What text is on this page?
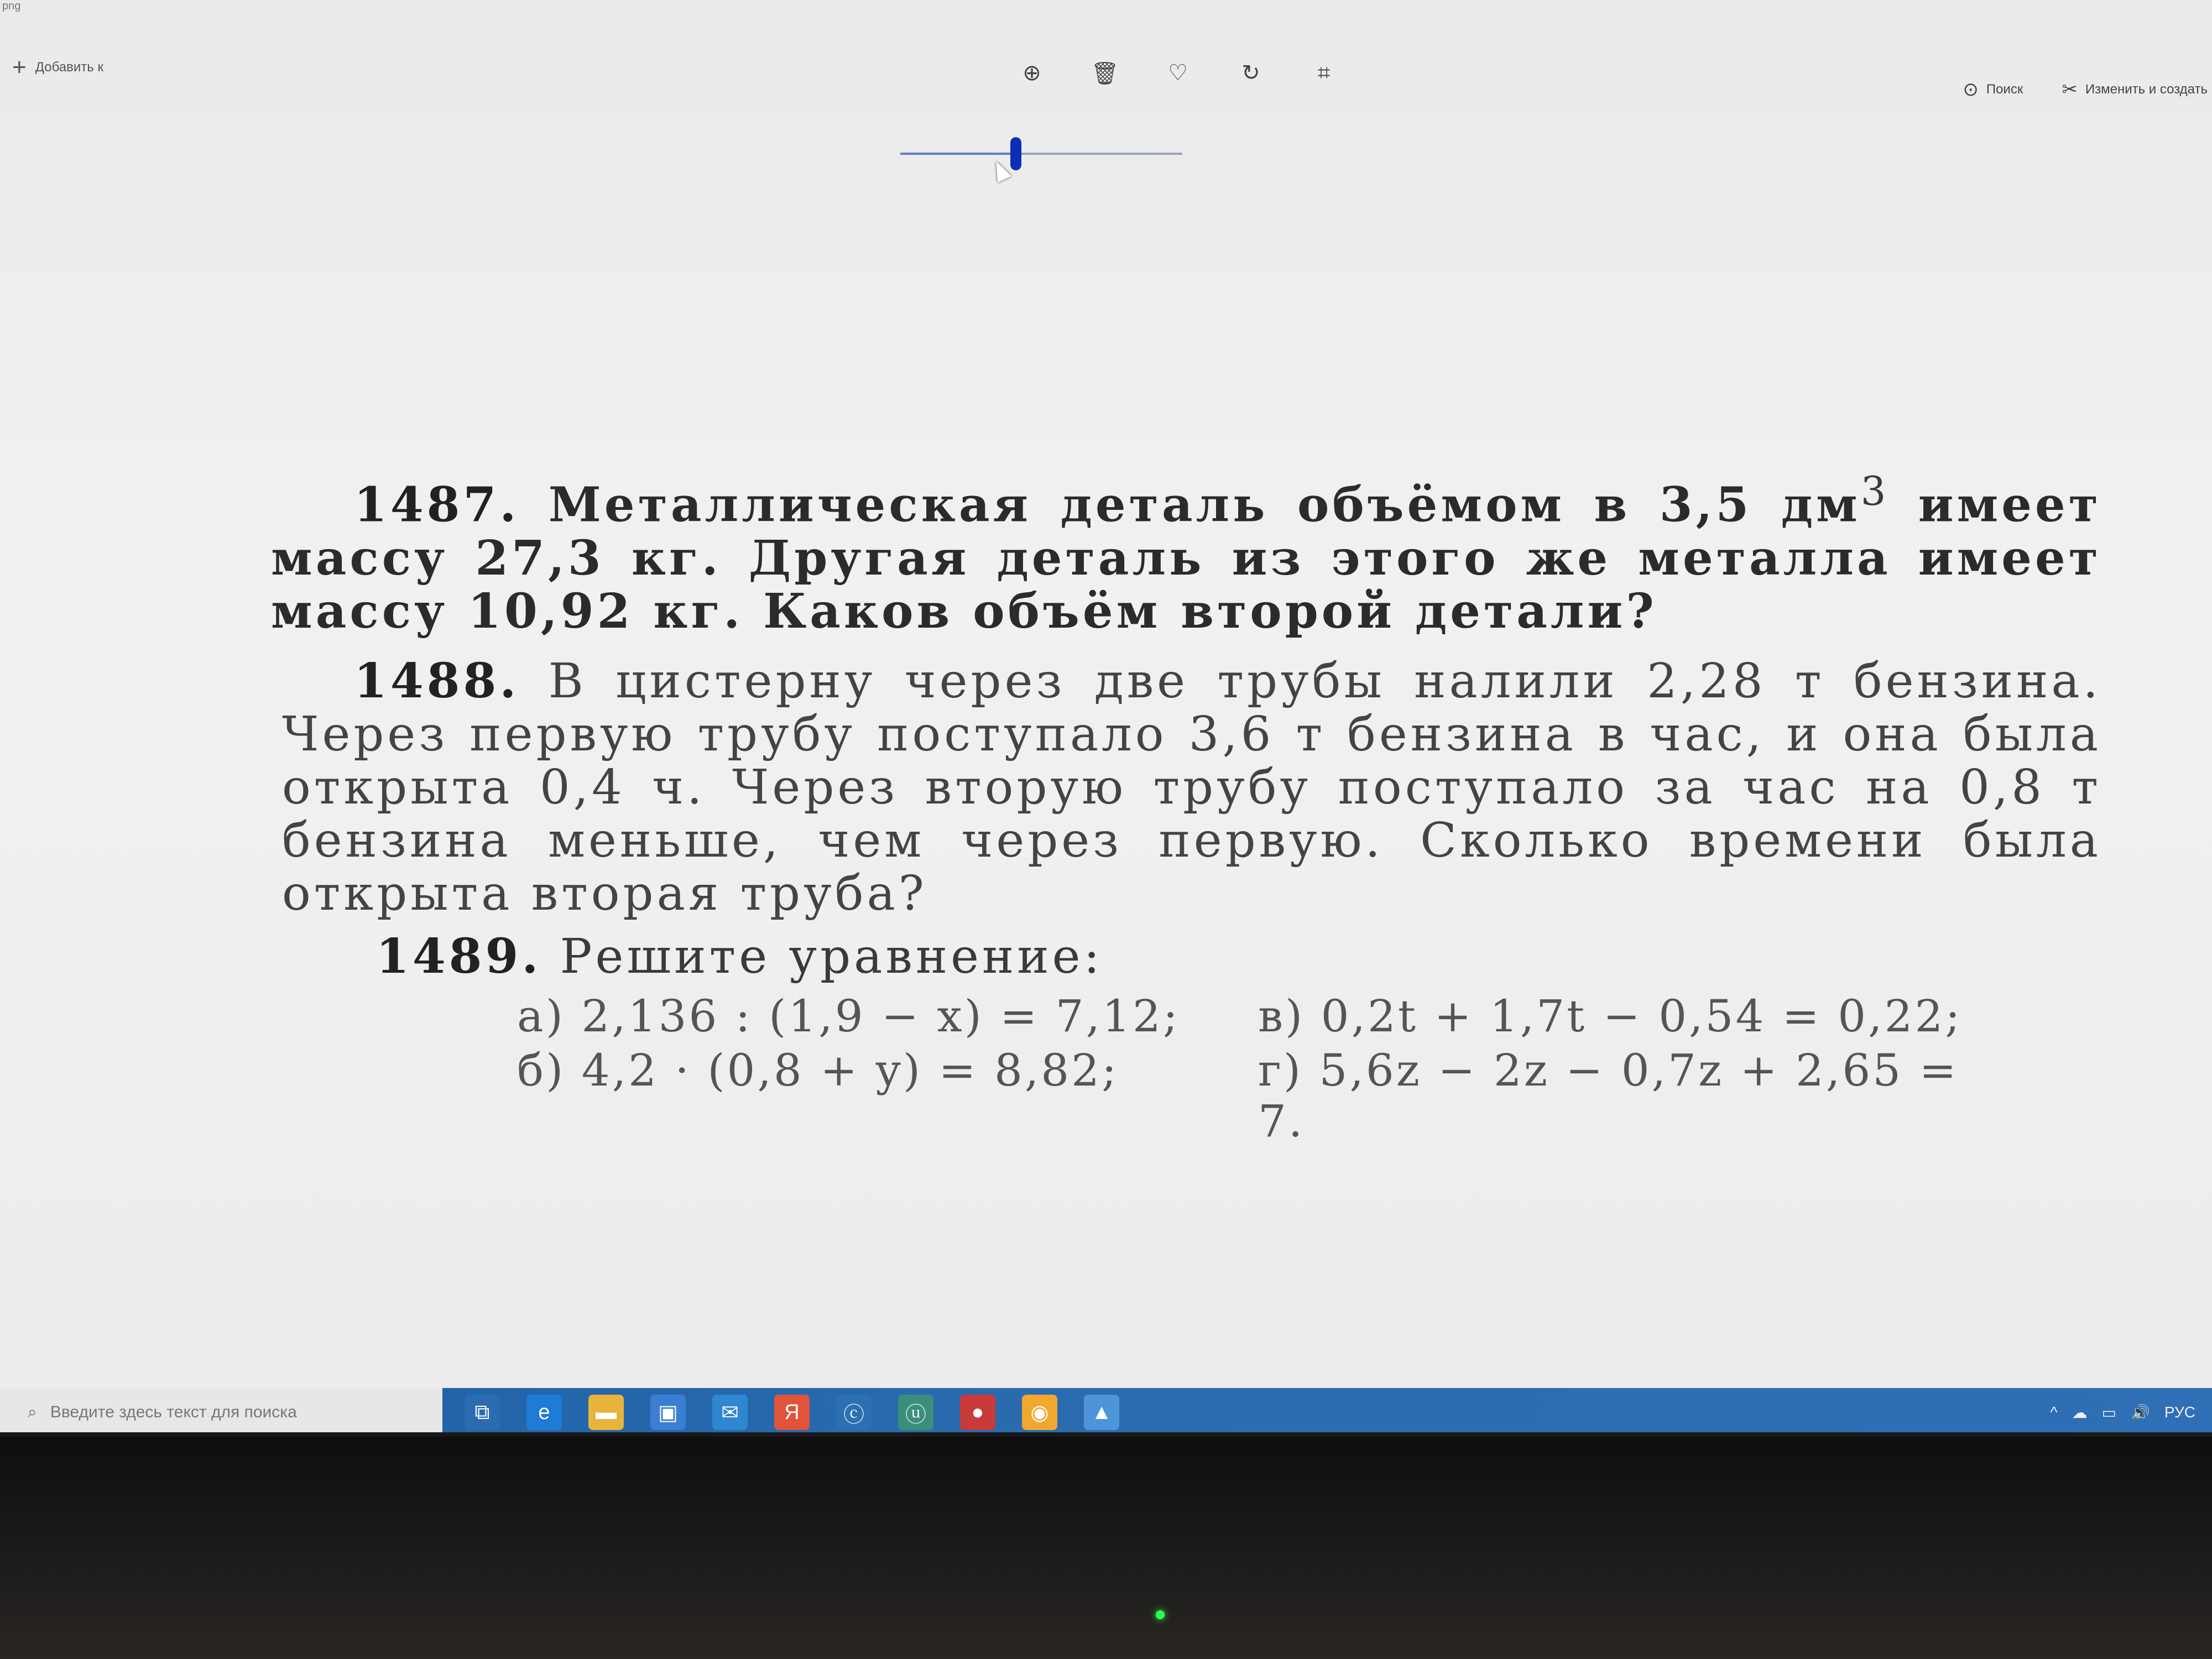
png
+ Добавить к	⊕ 🗑 ♡ ↻	⌗
⊙ Поиск ✂ Изменить и создать
1487. Металлическая деталь объёмом в 3,5 $дм^3$ имеет массу 27,3 кг. Другая деталь из этого же металла имеет массу 10,92 кг. Каков объём второй детали?
1488. В цистерну через две трубы налили 2,28 т бензина. Через первую трубу поступало 3,6 т бензина в час, и она была открыта 0,4 ч. Через вторую трубу поступало за час на 0,8 т бензина меньше, чем через первую. Сколько времени была открыта вторая труба?
1489. Решите уравнение:
а) 2,136 : (1,9 − x) = 7,12;	в) 0,2t + 1,7t − 0,54 = 0,22;
б) 4,2 · (0,8 + y) = 8,82;	г) 5,6z − 2z − 0,7z + 2,65 = 7.
⌕ Введите здесь текст для поиска	⧉	e	▬	▣	✉	Я	ⓒ	ⓤ	●	◉	▲	^ ☁ ▭ 🔊 РУС
